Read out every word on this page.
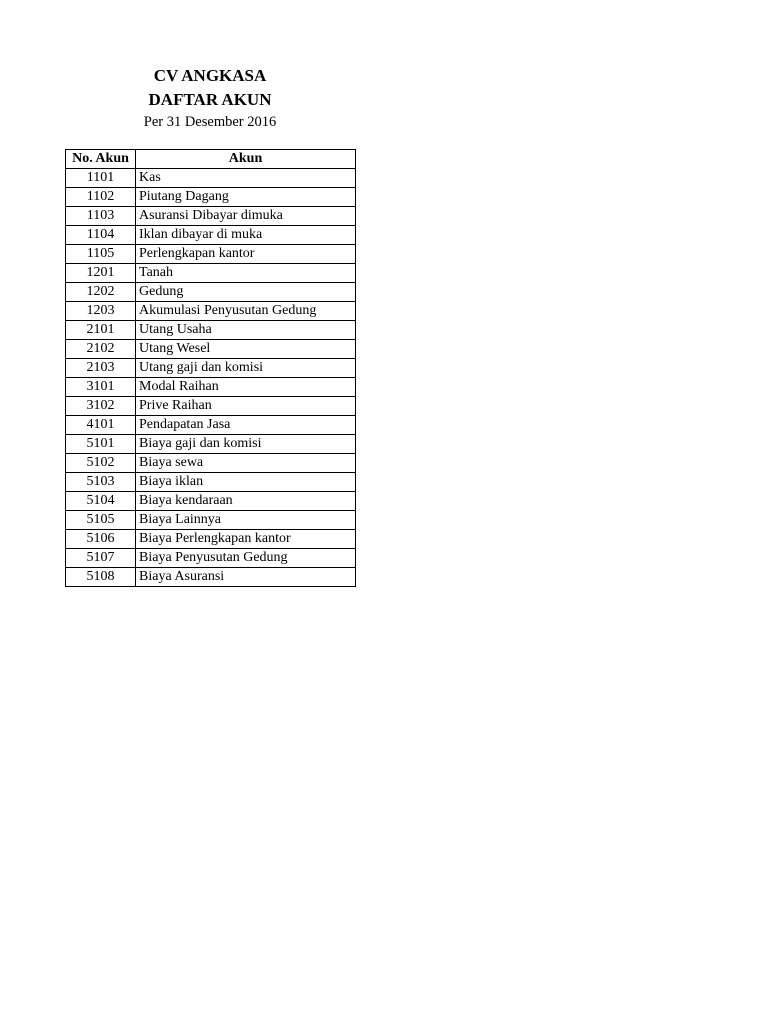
CV ANGKASA

DAFTAR AKUN

Per 31 Desember 2016

No. Akun	Akun
1101	Kas
1102	Piutang Dagang
1103	Asuransi Dibayar dimuka
1104	Iklan dibayar di muka
1105	Perlengkapan kantor
1201	Tanah
1202	Gedung
1203	Akumulasi Penyusutan Gedung
2101	Utang Usaha
2102	Utang Wesel
2103	Utang gaji dan komisi
3101	Modal Raihan
3102	Prive Raihan
4101	Pendapatan Jasa
5101	Biaya gaji dan komisi
5102	Biaya sewa
5103	Biaya iklan
5104	Biaya kendaraan
5105	Biaya Lainnya
5106	Biaya Perlengkapan kantor
5107	Biaya Penyusutan Gedung
5108	Biaya Asuransi
